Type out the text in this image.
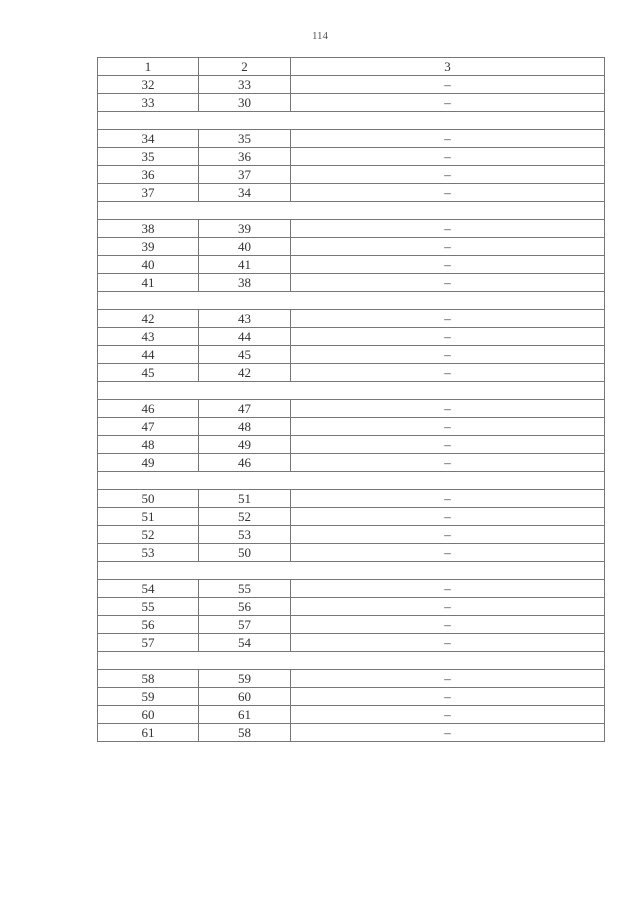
114
1	2	3
32	33	–
33	30	–

34	35	–
35	36	–
36	37	–
37	34	–

38	39	–
39	40	–
40	41	–
41	38	–

42	43	–
43	44	–
44	45	–
45	42	–

46	47	–
47	48	–
48	49	–
49	46	–

50	51	–
51	52	–
52	53	–
53	50	–

54	55	–
55	56	–
56	57	–
57	54	–

58	59	–
59	60	–
60	61	–
61	58	–
